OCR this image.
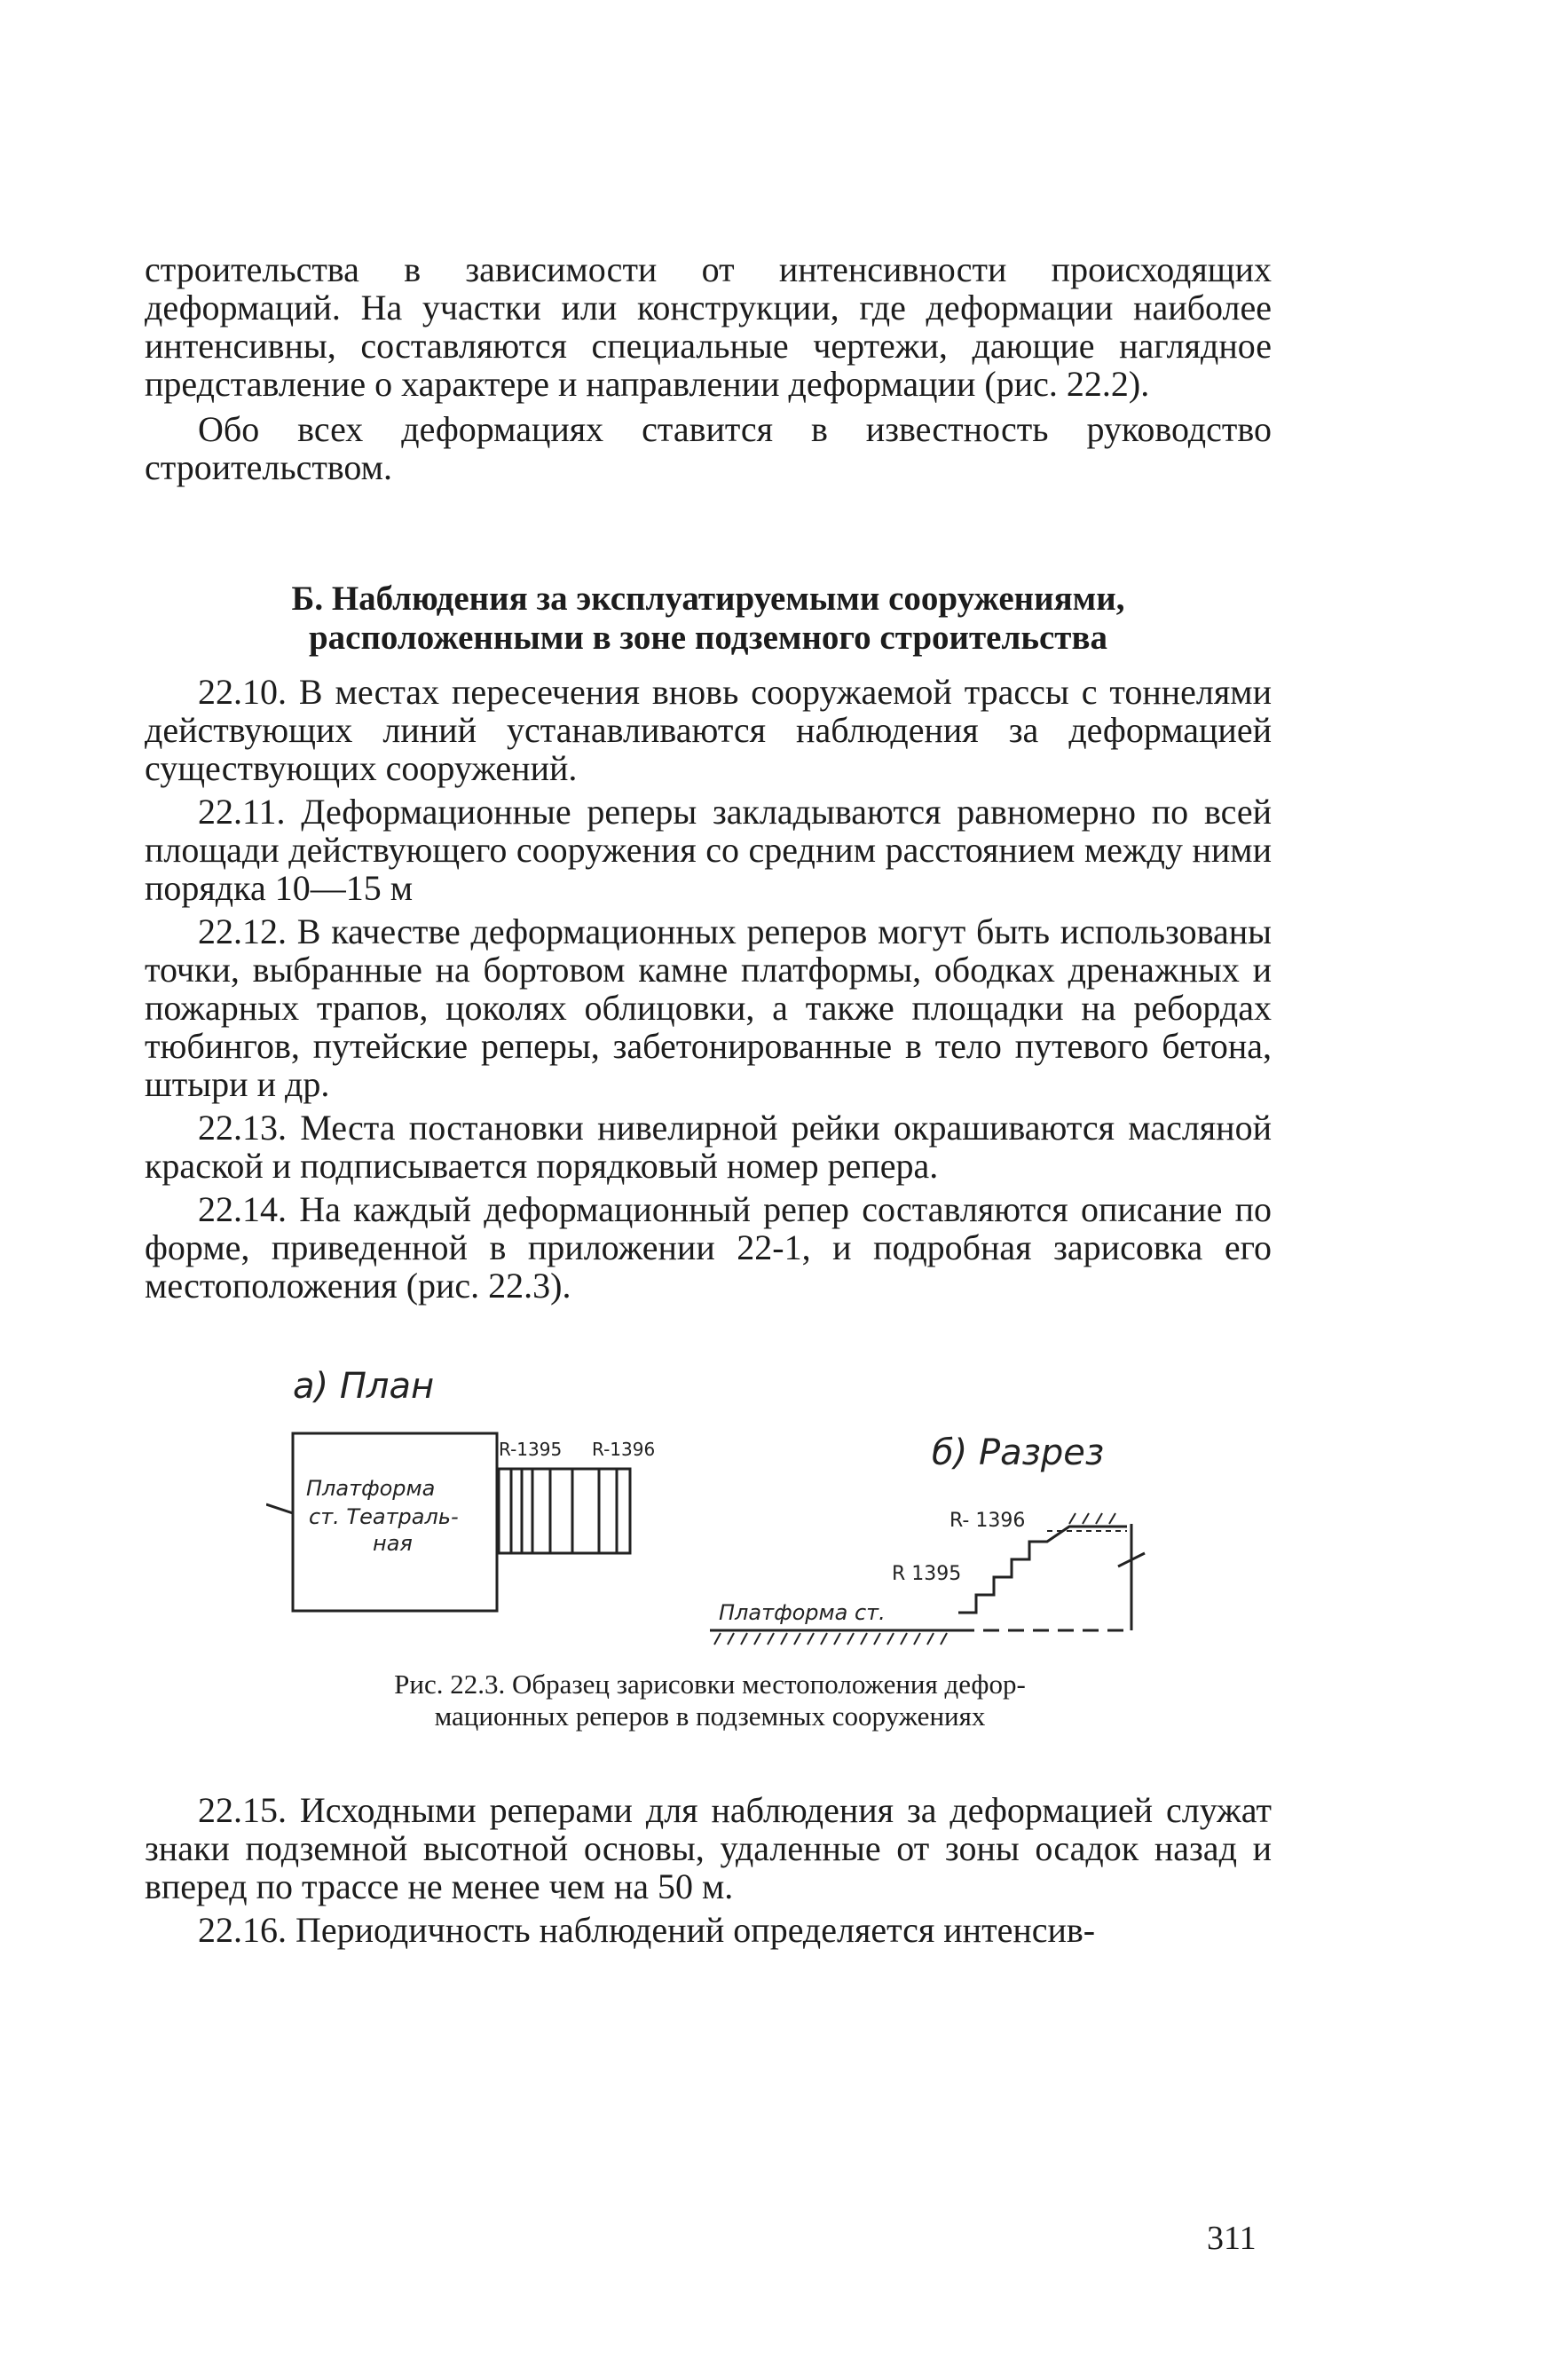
строительства в зависимости от интенсивности происходящих деформаций. На участки или конструкции, где деформации наиболее интенсивны, составляются специальные чертежи, дающие наглядное представление о характере и направлении деформации (рис. 22.2).

Обо всех деформациях ставится в известность руководство строительством.

Б. Наблюдения за эксплуатируемыми сооружениями,

расположенными в зоне подземного строительства

22.10. В местах пересечения вновь сооружаемой трассы с тоннелями действующих линий устанавливаются наблюдения за деформацией существующих сооружений.

22.11. Деформационные реперы закладываются равномерно по всей площади действующего сооружения со средним расстоянием между ними порядка 10—15 м

22.12. В качестве деформационных реперов могут быть использованы точки, выбранные на бортовом камне платформы, ободках дренажных и пожарных трапов, цоколях облицовки, а также площадки на ребордах тюбингов, путейские реперы, забетонированные в тело путевого бетона, штыри и др.

22.13. Места постановки нивелирной рейки окрашиваются масляной краской и подписывается порядковый номер репера.

22.14. На каждый деформационный репер составляются описание по форме, приведенной в приложении 22-1, и подробная зарисовка его местоположения (рис. 22.3).

а) План
Платформа
ст. Театраль-
ная
R-1395 R-1396	б) Разрез
R- 1396
R 1395
Платформа ст.
Рис. 22.3. Образец зарисовки местоположения дефор-
мационных реперов в подземных сооружениях

22.15. Исходными реперами для наблюдения за деформацией служат знаки подземной высотной основы, удаленные от зоны осадок назад и вперед по трассе не менее чем на 50 м.

22.16. Периодичность наблюдений определяется интенсив-

311
